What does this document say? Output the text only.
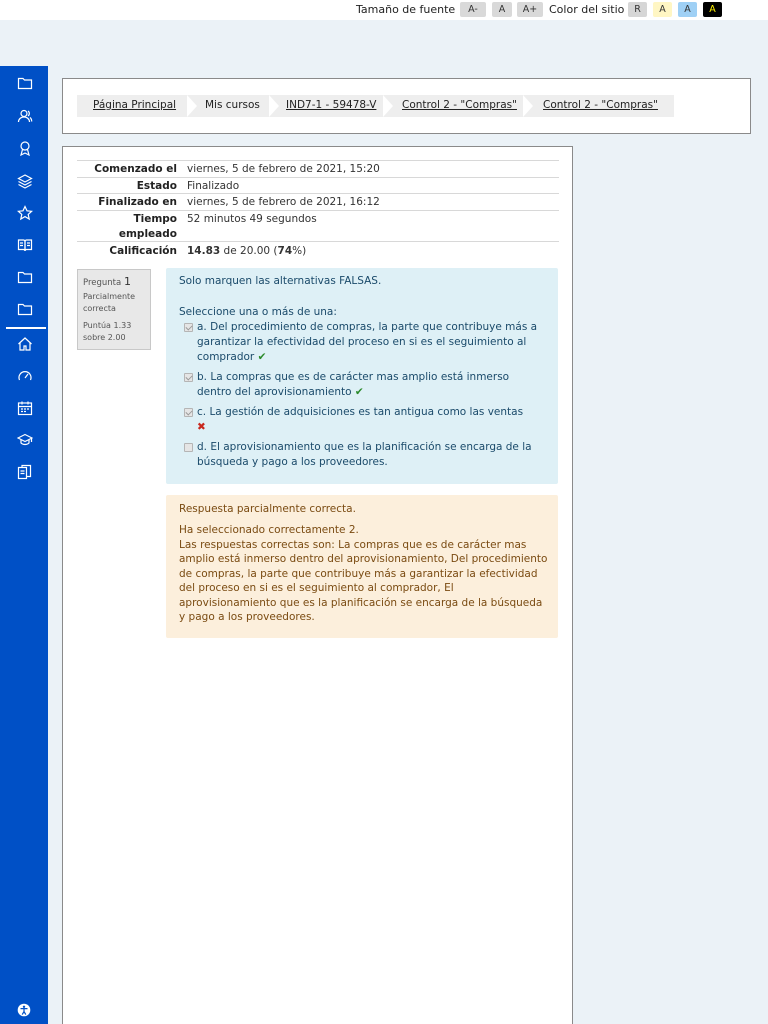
Tamaño de fuente	A-	A	A+	Color del sitio	R	A	A	A
Página Principal	Mis cursos IND7-1 - 59478-V Control 2 - "Compras" Control 2 - "Compras"
Comenzado el viernes, 5 de febrero de 2021, 15:20
Estado Finalizado
Finalizado en viernes, 5 de febrero de 2021, 16:12
Tiempo empleado
52 minutos 49 segundos
Calificación 14.83 de 20.00 (74%)
Pregunta 1
Parcialmente correcta
Puntúa 1.33 sobre 2.00
Solo marquen las alternativas FALSAS.
Seleccione una o más de una:
a. Del procedimiento de compras, la parte que contribuye más a garantizar la efectividad del proceso en si es el seguimiento al comprador ✔
b. La compras que es de carácter mas amplio está inmerso dentro del aprovisionamiento ✔
c. La gestión de adquisiciones es tan antigua como las ventas
✖
d. El aprovisionamiento que es la planificación se encarga de la búsqueda y pago a los proveedores.
Respuesta parcialmente correcta.
Ha seleccionado correctamente 2.
Las respuestas correctas son: La compras que es de carácter mas amplio está inmerso dentro del aprovisionamiento, Del procedimiento de compras, la parte que contribuye más a garantizar la efectividad del proceso en si es el seguimiento al comprador, El aprovisionamiento que es la planificación se encarga de la búsqueda y pago a los proveedores.
